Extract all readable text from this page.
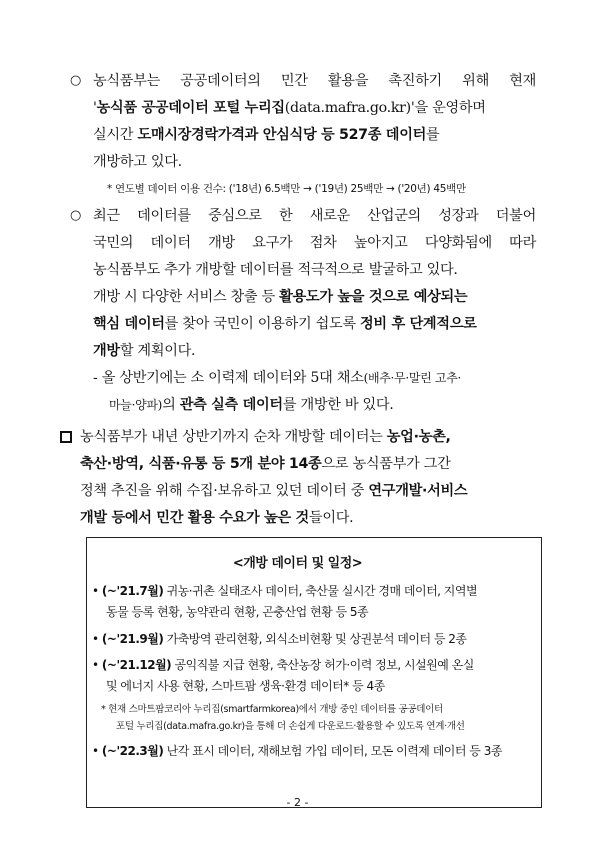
○ 농식품부는 공공데이터의 민간 활용을 촉진하기 위해 현재
'농식품 공공데이터 포털 누리집(data.mafra.go.kr)'을 운영하며
실시간 도매시장경락가격과 안심식당 등 527종 데이터를
개방하고 있다.
* 연도별 데이터 이용 건수: ('18년) 6.5백만 → ('19년) 25백만 → ('20년) 45백만
○ 최근 데이터를 중심으로 한 새로운 산업군의 성장과 더불어
국민의 데이터 개방 요구가 점차 높아지고 다양화됨에 따라
농식품부도 추가 개방할 데이터를 적극적으로 발굴하고 있다.
개방 시 다양한 서비스 창출 등 활용도가 높을 것으로 예상되는
핵심 데이터를 찾아 국민이 이용하기 쉽도록 정비 후 단계적으로
개방할 계획이다.
- 올 상반기에는 소 이력제 데이터와 5대 채소(배추·무·말린 고추·
마늘·양파)의 관측 실측 데이터를 개방한 바 있다.
농식품부가 내년 상반기까지 순차 개방할 데이터는 농업·농촌,
축산·방역, 식품·유통 등 5개 분야 14종으로 농식품부가 그간
정책 추진을 위해 수집·보유하고 있던 데이터 중 연구개발·서비스
개발 등에서 민간 활용 수요가 높은 것들이다.
<개방 데이터 및 일정>
• (~'21.7월) 귀농·귀촌 실태조사 데이터, 축산물 실시간 경매 데이터, 지역별
동물 등록 현황, 농약관리 현황, 곤충산업 현황 등 5종
• (~'21.9월) 가축방역 관리현황, 외식소비현황 및 상권분석 데이터 등 2종
• (~'21.12월) 공익직불 지급 현황, 축산농장 허가·이력 정보, 시설원예 온실
및 에너지 사용 현황, 스마트팜 생육·환경 데이터* 등 4종
* 현재 스마트팜코리아 누리집(smartfarmkorea)에서 개방 중인 데이터를 공공데이터
포털 누리집(data.mafra.go.kr)을 통해 더 손쉽게 다운로드·활용할 수 있도록 연계·개선
• (~'22.3월) 난각 표시 데이터, 재해보험 가입 데이터, 모돈 이력제 데이터 등 3종
- 2 -
